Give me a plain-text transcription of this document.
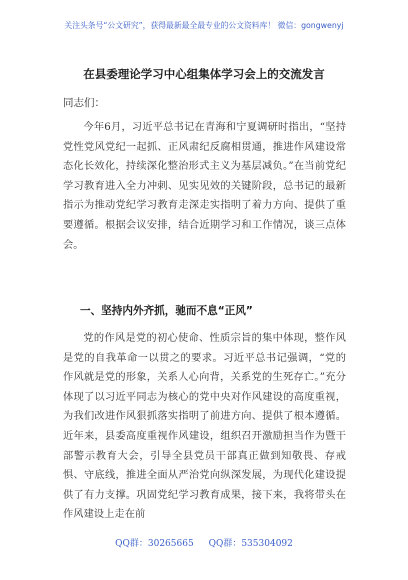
关注头条号“公文研究”，获得最新最全最专业的公文资料库！ 微信：gongwenyj
在县委理论学习中心组集体学习会上的交流发言
同志们：
今年6月，习近平总书记在青海和宁夏调研时指出，“坚持党性党风党纪一起抓、正风肃纪反腐相贯通，推进作风建设常态化长效化，持续深化整治形式主义为基层减负。”在当前党纪学习教育进入全力冲刺、见实见效的关键阶段，总书记的最新指示为推动党纪学习教育走深走实指明了着力方向、提供了重要遵循。根据会议安排，结合近期学习和工作情况，谈三点体会。
一、坚持内外齐抓，驰而不息“正风”
党的作风是党的初心使命、性质宗旨的集中体现，整作风是党的自我革命一以贯之的要求。习近平总书记强调，“党的作风就是党的形象，关系人心向背，关系党的生死存亡。”充分体现了以习近平同志为核心的党中央对作风建设的高度重视，为我们改进作风狠抓落实指明了前进方向、提供了根本遵循。近年来，县委高度重视作风建设，组织召开激励担当作为暨干部警示教育大会，引导全县党员干部真正做到知敬畏、存戒惧、守底线，推进全面从严治党向纵深发展，为现代化建设提供了有力支撑。巩固党纪学习教育成果，接下来，我将带头在作风建设上走在前
QQ群：30265665 QQ群：535304092
